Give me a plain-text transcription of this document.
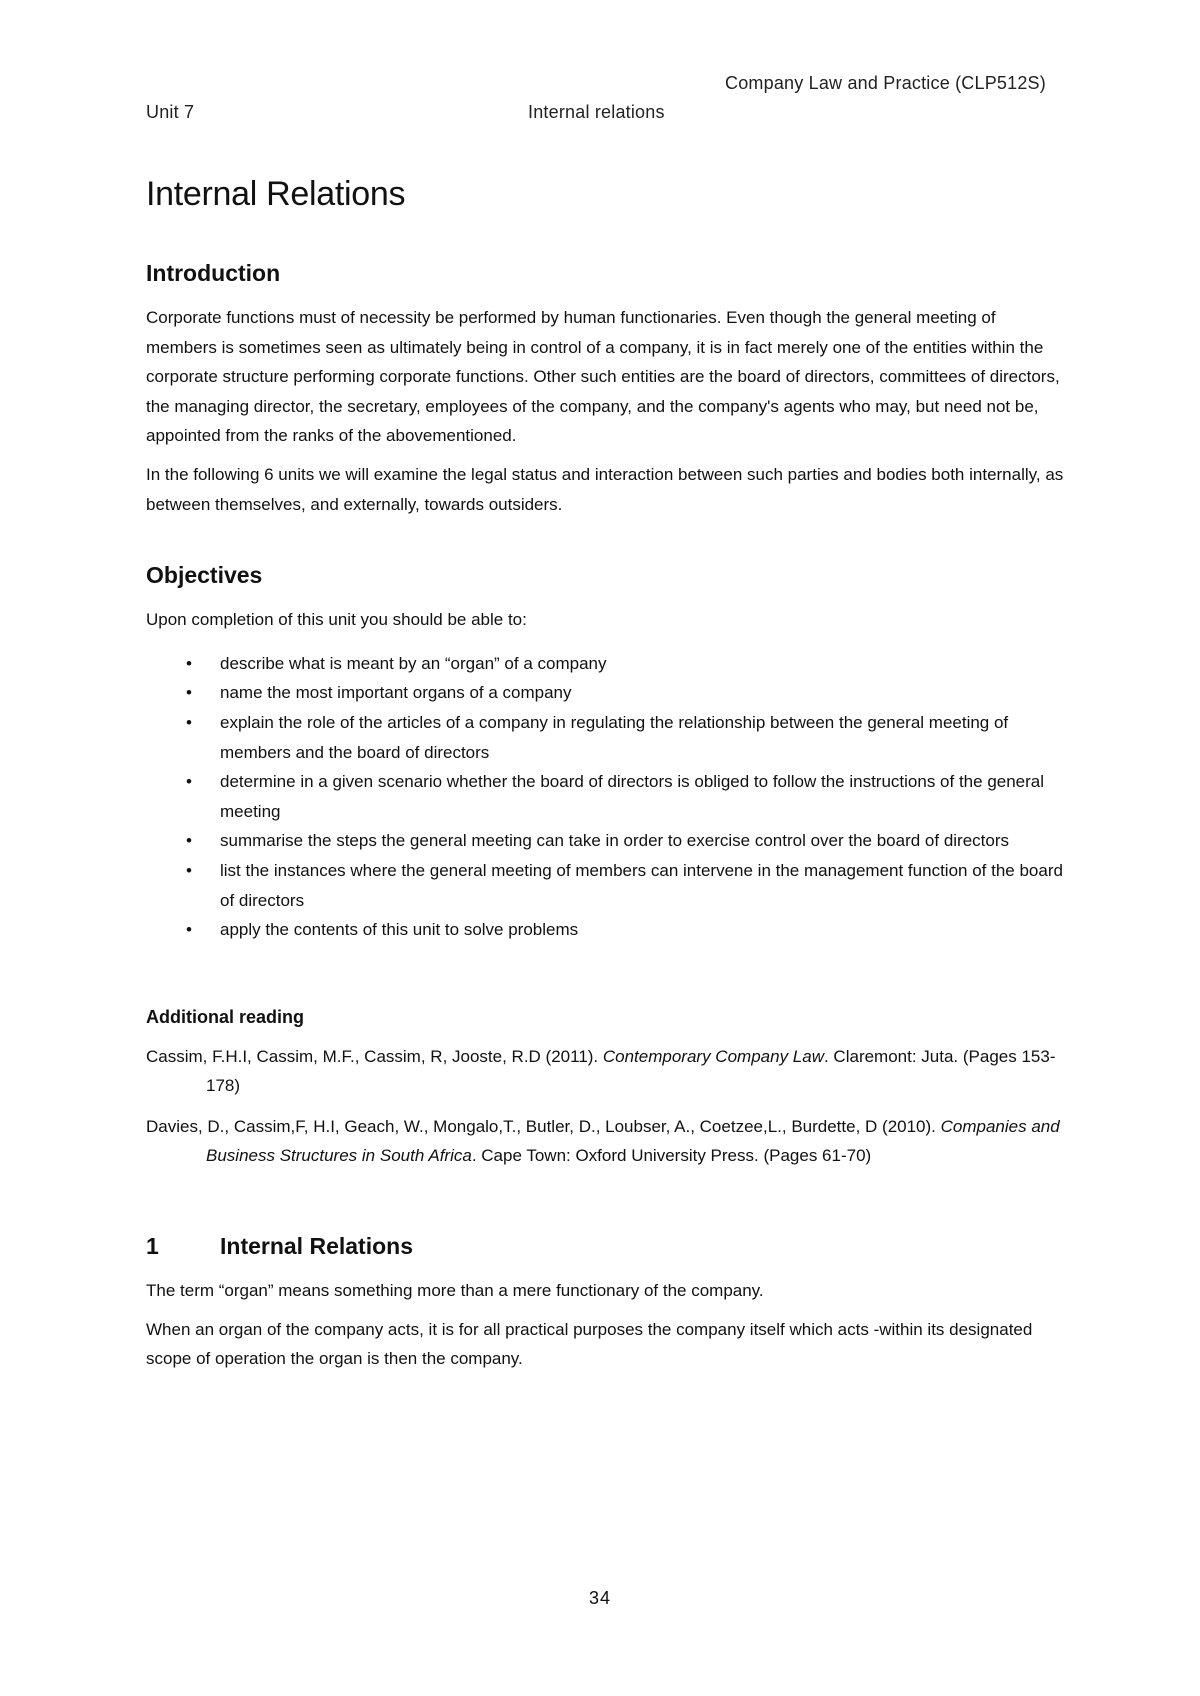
Company Law and Practice (CLP512S)
Unit 7	Internal relations
Internal Relations
Introduction

Corporate functions must of necessity be performed by human functionaries. Even though the general meeting of members is sometimes seen as ultimately being in control of a company, it is in fact merely one of the entities within the corporate structure performing corporate functions. Other such entities are the board of directors, committees of directors, the managing director, the secretary, employees of the company, and the company's agents who may, but need not be, appointed from the ranks of the abovementioned.

In the following 6 units we will examine the legal status and interaction between such parties and bodies both internally, as between themselves, and externally, towards outsiders.

Objectives

Upon completion of this unit you should be able to:

• describe what is meant by an “organ” of a company
• name the most important organs of a company
• explain the role of the articles of a company in regulating the relationship between the general meeting of members and the board of directors
• determine in a given scenario whether the board of directors is obliged to follow the instructions of the general meeting
• summarise the steps the general meeting can take in order to exercise control over the board of directors
• list the instances where the general meeting of members can intervene in the management function of the board of directors
• apply the contents of this unit to solve problems
Additional reading

Cassim, F.H.I, Cassim, M.F., Cassim, R, Jooste, R.D (2011). Contemporary Company Law. Claremont: Juta. (Pages 153-178)

Davies, D., Cassim,F, H.I, Geach, W., Mongalo,T., Butler, D., Loubser, A., Coetzee,L., Burdette, D (2010). Companies and Business Structures in South Africa. Cape Town: Oxford University Press. (Pages 61-70)

1	Internal Relations

The term “organ” means something more than a mere functionary of the company.

When an organ of the company acts, it is for all practical purposes the company itself which acts -within its designated scope of operation the organ is then the company.

34
